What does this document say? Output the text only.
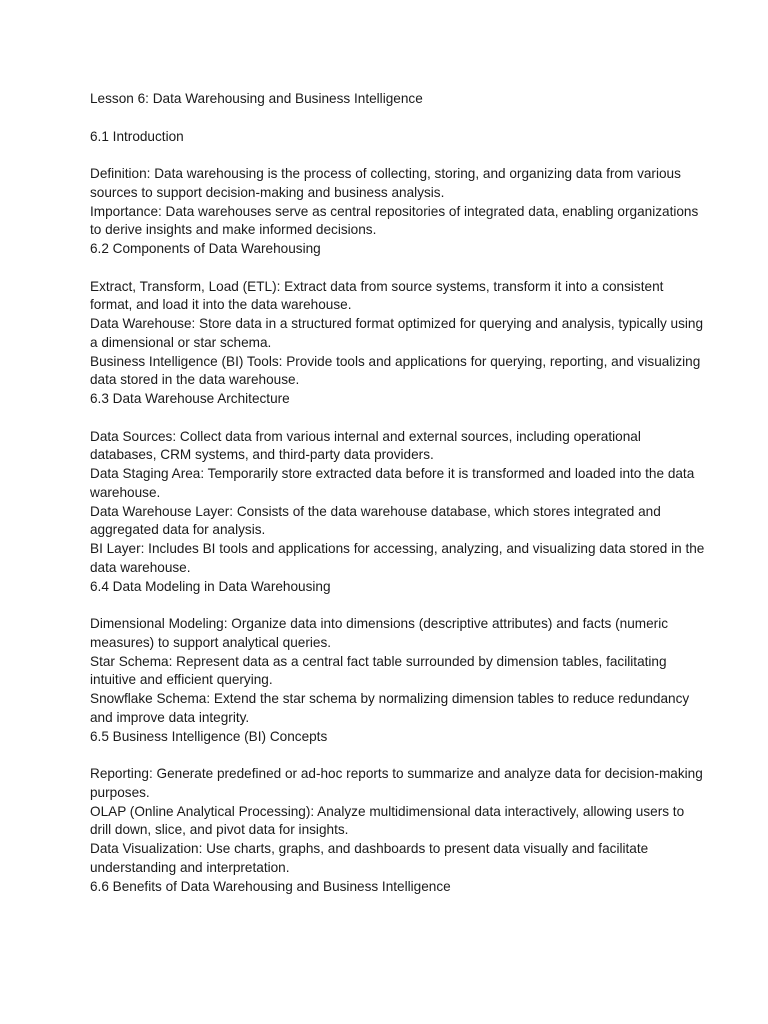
Lesson 6: Data Warehousing and Business Intelligence

6.1 Introduction

Definition: Data warehousing is the process of collecting, storing, and organizing data from various sources to support decision-making and business analysis.

Importance: Data warehouses serve as central repositories of integrated data, enabling organizations to derive insights and make informed decisions.

6.2 Components of Data Warehousing

Extract, Transform, Load (ETL): Extract data from source systems, transform it into a consistent format, and load it into the data warehouse.

Data Warehouse: Store data in a structured format optimized for querying and analysis, typically using a dimensional or star schema.

Business Intelligence (BI) Tools: Provide tools and applications for querying, reporting, and visualizing data stored in the data warehouse.

6.3 Data Warehouse Architecture

Data Sources: Collect data from various internal and external sources, including operational databases, CRM systems, and third-party data providers.

Data Staging Area: Temporarily store extracted data before it is transformed and loaded into the data warehouse.

Data Warehouse Layer: Consists of the data warehouse database, which stores integrated and aggregated data for analysis.

BI Layer: Includes BI tools and applications for accessing, analyzing, and visualizing data stored in the data warehouse.

6.4 Data Modeling in Data Warehousing

Dimensional Modeling: Organize data into dimensions (descriptive attributes) and facts (numeric measures) to support analytical queries.

Star Schema: Represent data as a central fact table surrounded by dimension tables, facilitating intuitive and efficient querying.

Snowflake Schema: Extend the star schema by normalizing dimension tables to reduce redundancy and improve data integrity.

6.5 Business Intelligence (BI) Concepts

Reporting: Generate predefined or ad-hoc reports to summarize and analyze data for decision-making purposes.

OLAP (Online Analytical Processing): Analyze multidimensional data interactively, allowing users to drill down, slice, and pivot data for insights.

Data Visualization: Use charts, graphs, and dashboards to present data visually and facilitate understanding and interpretation.

6.6 Benefits of Data Warehousing and Business Intelligence
